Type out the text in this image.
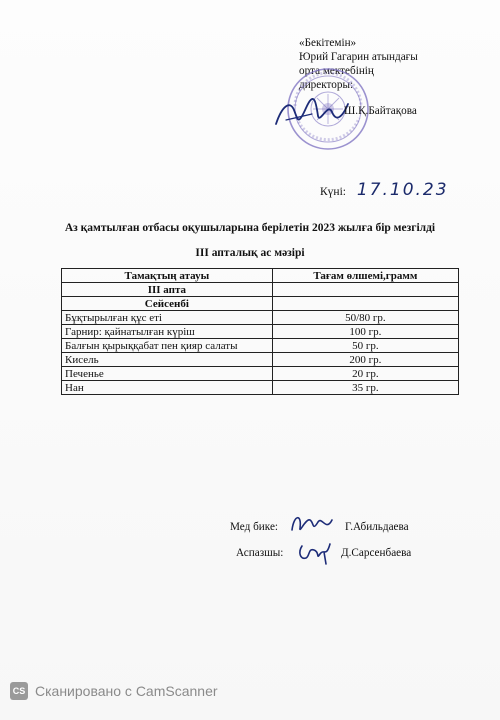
«Бекітемін»
Юрий Гагарин атындағы
орта мектебінің
директоры:
Ш.Қ.Байтақова
Күні: 17.10.23
Аз қамтылған отбасы оқушыларына берілетін 2023 жылға бір мезгілді
III апталық ас мәзірі
Тамақтың атауы	Тағам өлшемі,грамм
III апта	
Сейсенбі	
Бұқтырылған құс еті	50/80 гр.
Гарнир: қайнатылған күріш	100 гр.
Балғын қырыққабат пен қияр салаты	50 гр.
Кисель	200 гр.
Печенье	20 гр.
Нан	35 гр.
Мед бике:	Г.Абильдаева
Аспазшы:	Д.Сарсенбаева
CS Сканировано с CamScanner
